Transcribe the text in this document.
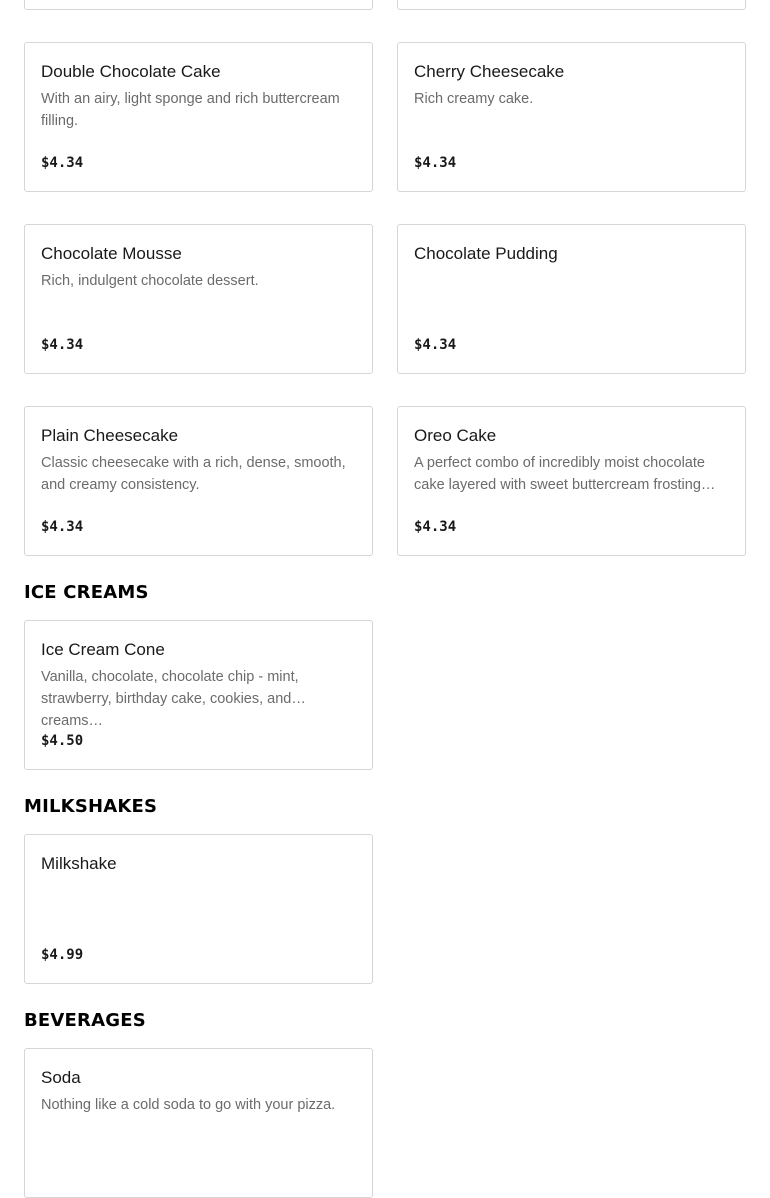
Double Chocolate Cake
With an airy, light sponge and rich buttercream filling.
$4.34
Cherry Cheesecake
Rich creamy cake.
$4.34
Chocolate Mousse
Rich, indulgent chocolate dessert.
$4.34
Chocolate Pudding
$4.34
Plain Cheesecake
Classic cheesecake with a rich, dense, smooth, and creamy consistency.
$4.34
Oreo Cake
A perfect combo of incredibly moist chocolate cake layered with sweet buttercream frosting…
$4.34
ICE CREAMS
Ice Cream Cone
Vanilla, chocolate, chocolate chip - mint, strawberry, birthday cake, cookies, and creams…
$4.50
MILKSHAKES
Milkshake
$4.99
BEVERAGES
Soda
Nothing like a cold soda to go with your pizza.
